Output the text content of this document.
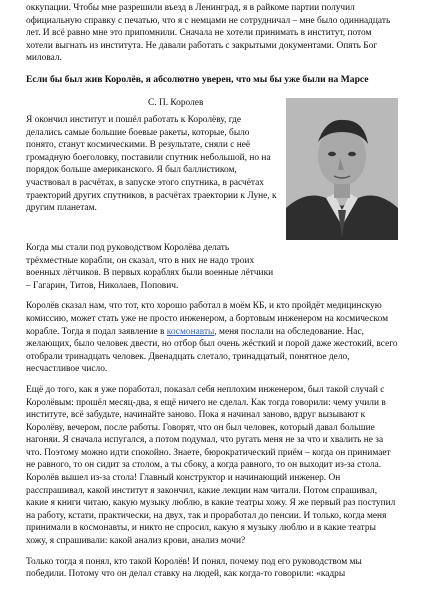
оккупации. Чтобы мне разрешили въезд в Ленинград, я в райкоме партии получил официальную справку с печатью, что я с немцами не сотрудничал – мне было одиннадцать лет. И всё равно мне это припомнили. Сначала не хотели принимать в институт, потом хотели выгнать из института. Не давали работать с закрытыми документами. Опять Бог миловал.

Если бы был жив Королёв, я абсолютно уверен, что мы бы уже были на Марсе

С. П. Королев

Я окончил институт и пошёл работать к Королёву, где делались самые большие боевые ракеты, которые, было понято, станут космическими. В результате, сняли с неё громадную боеголовку, поставили спутник небольшой, но на порядок больше американского. Я был баллистиком, участвовал в расчётах, в запуске этого спутника, в расчётах траекторий других спутников, в расчётах траектории к Луне, к другим планетам.

Когда мы стали под руководством Королёва делать трёхместные корабли, он сказал, что в них не надо троих военных лётчиков. В первых кораблях были военные лётчики – Гагарин, Титов, Николаев, Попович.

Королёв сказал нам, что тот, кто хорошо работал в моём КБ, и кто пройдёт медицинскую комиссию, может стать уже не просто инженером, а бортовым инженером на космическом корабле. Тогда я подал заявление в космонавты, меня послали на обследование. Нас, желающих, было человек двести, но отбор был очень жёсткий и порой даже жестокий, всего отобрали тринадцать человек. Двенадцать слетало, тринадцатый, понятное дело, несчастливое число.

Ещё до того, как я уже поработал, показал себя неплохим инженером, был такой случай с Королёвым: прошёл месяц-два, я ещё ничего не сделал. Как тогда говорили: чему учили в институте, всё забудьте, начинайте заново. Пока я начинал заново, вдруг вызывают к Королёву, вечером, после работы. Говорят, что он был человек, который давал большие нагоняи. Я сначала испугался, а потом подумал, что ругать меня не за что и хвалить не за что. Поэтому можно идти спокойно. Знаете, бюрократический приём – когда он принимает не равного, то он сидит за столом, а ты сбоку, а когда равного, то он выходит из-за стола. Королёв вышел из-за стола! Главный конструктор и начинающий инженер. Он расспрашивал, какой институт я закончил, какие лекции нам читали. Потом спрашивал, какие я книги читаю, какую музыку люблю, в какие театры хожу. Я же первый раз поступил на работу, кстати, практически, на двух, так и проработал до пенсии. И только, когда меня принимали в космонавты, и никто не спросил, какую я музыку люблю и в какие театры хожу, я спрашивали: какой анализ крови, анализ мочи?

Только тогда я понял, кто такой Королёв! И понял, почему под его руководством мы победили. Потому что он делал ставку на людей, как когда-то говорили: «кадры
